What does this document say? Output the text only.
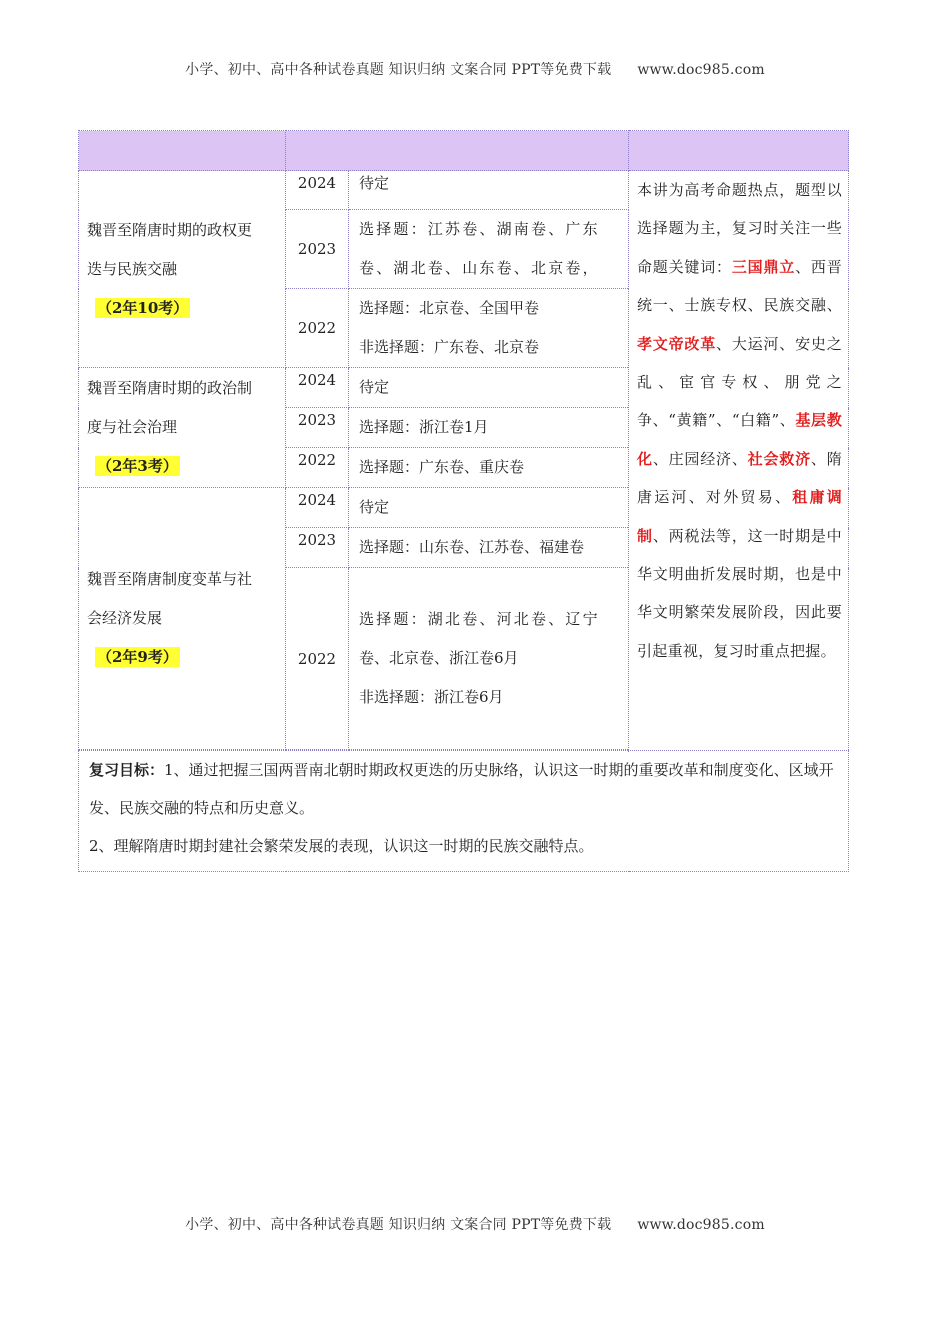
小学、初中、高中各种试卷真题 知识归纳 文案合同 PPT等免费下载 www.doc985.com

魏晋至隋唐时期的政权更
迭与民族交融
（2年10考）	2024	待定	本讲为高考命题热点，题型以选择题为主，复习时关注一些命题关键词：三国鼎立、西晋统一、士族专权、民族交融、孝文帝改革、大运河、安史之乱、宦官专权、朋党之争、“黄籍”、“白籍”、基层教化、庄园经济、社会救济、隋唐运河、对外贸易、租庸调制、两税法等，这一时期是中华文明曲折发展时期，也是中华文明繁荣发展阶段，因此要引起重视，复习时重点把握。
	2023	选择题：江苏卷、湖南卷、广东
卷、湖北卷、山东卷、北京卷，	

	2022	选择题：北京卷、全国甲卷
非选择题：广东卷、北京卷	

魏晋至隋唐时期的政治制
度与社会治理
（2年3考）	2024	待定	

	2023	选择题：浙江卷1月	

	2022	选择题：广东卷、重庆卷	

魏晋至隋唐制度变革与社
会经济发展
（2年9考）	2024	待定	

	2023	选择题：山东卷、江苏卷、福建卷	

	2022	选择题：湖北卷、河北卷、辽宁
卷、北京卷、浙江卷6月
非选择题：浙江卷6月	

复习目标：1、通过把握三国两晋南北朝时期政权更迭的历史脉络，认识这一时期的重要改革和制度变化、区域开发、民族交融的特点和历史意义。
2、理解隋唐时期封建社会繁荣发展的表现，认识这一时期的民族交融特点。			
小学、初中、高中各种试卷真题 知识归纳 文案合同 PPT等免费下载 www.doc985.com
